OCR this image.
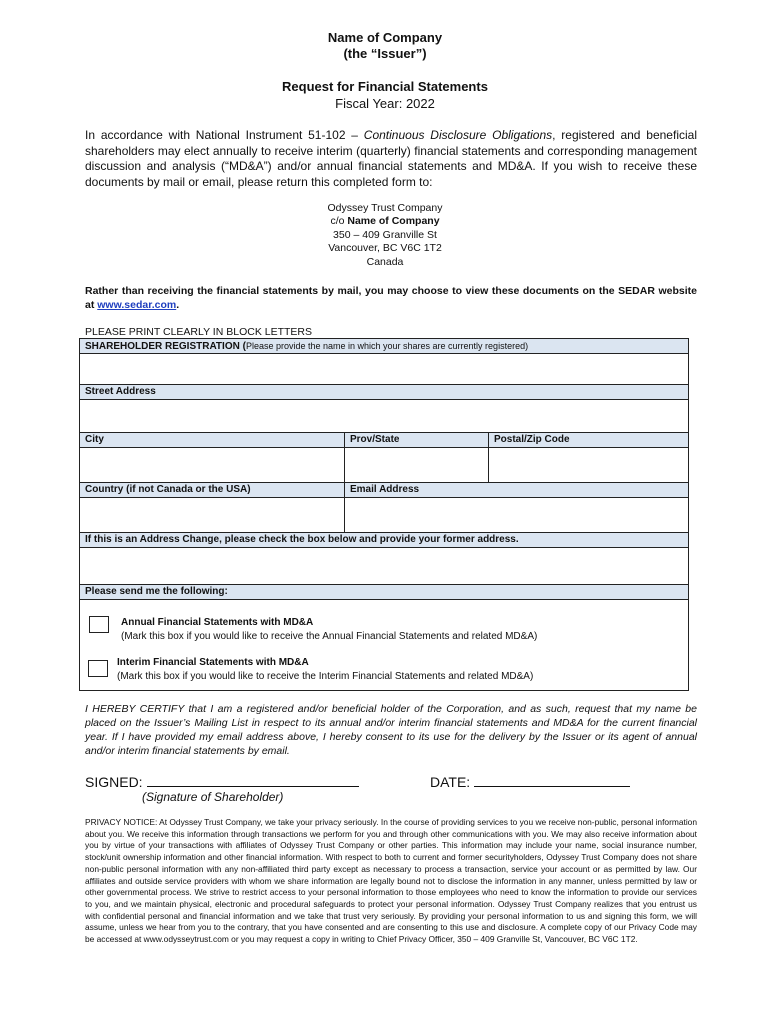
Name of Company
(the “Issuer”)
Request for Financial Statements
Fiscal Year: 2022
In accordance with National Instrument 51-102 – Continuous Disclosure Obligations, registered and beneficial shareholders may elect annually to receive interim (quarterly) financial statements and corresponding management discussion and analysis (“MD&A”) and/or annual financial statements and MD&A. If you wish to receive these documents by mail or email, please return this completed form to:
Odyssey Trust Company
c/o Name of Company
350 – 409 Granville St
Vancouver, BC V6C 1T2
Canada
Rather than receiving the financial statements by mail, you may choose to view these documents on the SEDAR website at www.sedar.com.
PLEASE PRINT CLEARLY IN BLOCK LETTERS
SHAREHOLDER REGISTRATION (Please provide the name in which your shares are currently registered)
Street Address
City	Prov/State	Postal/Zip Code
Country (if not Canada or the USA)	Email Address
If this is an Address Change, please check the box below and provide your former address.
Please send me the following:
Annual Financial Statements with MD&A
(Mark this box if you would like to receive the Annual Financial Statements and related MD&A)
Interim Financial Statements with MD&A
(Mark this box if you would like to receive the Interim Financial Statements and related MD&A)
I HEREBY CERTIFY that I am a registered and/or beneficial holder of the Corporation, and as such, request that my name be placed on the Issuer’s Mailing List in respect to its annual and/or interim financial statements and MD&A for the current financial year. If I have provided my email address above, I hereby consent to its use for the delivery by the Issuer or its agent of annual and/or interim financial statements by email.
SIGNED:	DATE:
(Signature of Shareholder)
PRIVACY NOTICE: At Odyssey Trust Company, we take your privacy seriously. In the course of providing services to you we receive non-public, personal information about you. We receive this information through transactions we perform for you and through other communications with you. We may also receive information about you by virtue of your transactions with affiliates of Odyssey Trust Company or other parties. This information may include your name, social insurance number, stock/unit ownership information and other financial information. With respect to both to current and former securityholders, Odyssey Trust Company does not share non-public personal information with any non-affiliated third party except as necessary to process a transaction, service your account or as permitted by law. Our affiliates and outside service providers with whom we share information are legally bound not to disclose the information in any manner, unless permitted by law or other governmental process. We strive to restrict access to your personal information to those employees who need to know the information to provide our services to you, and we maintain physical, electronic and procedural safeguards to protect your personal information. Odyssey Trust Company realizes that you entrust us with confidential personal and financial information and we take that trust very seriously. By providing your personal information to us and signing this form, we will assume, unless we hear from you to the contrary, that you have consented and are consenting to this use and disclosure. A complete copy of our Privacy Code may be accessed at www.odysseytrust.com or you may request a copy in writing to Chief Privacy Officer, 350 – 409 Granville St, Vancouver, BC V6C 1T2.
